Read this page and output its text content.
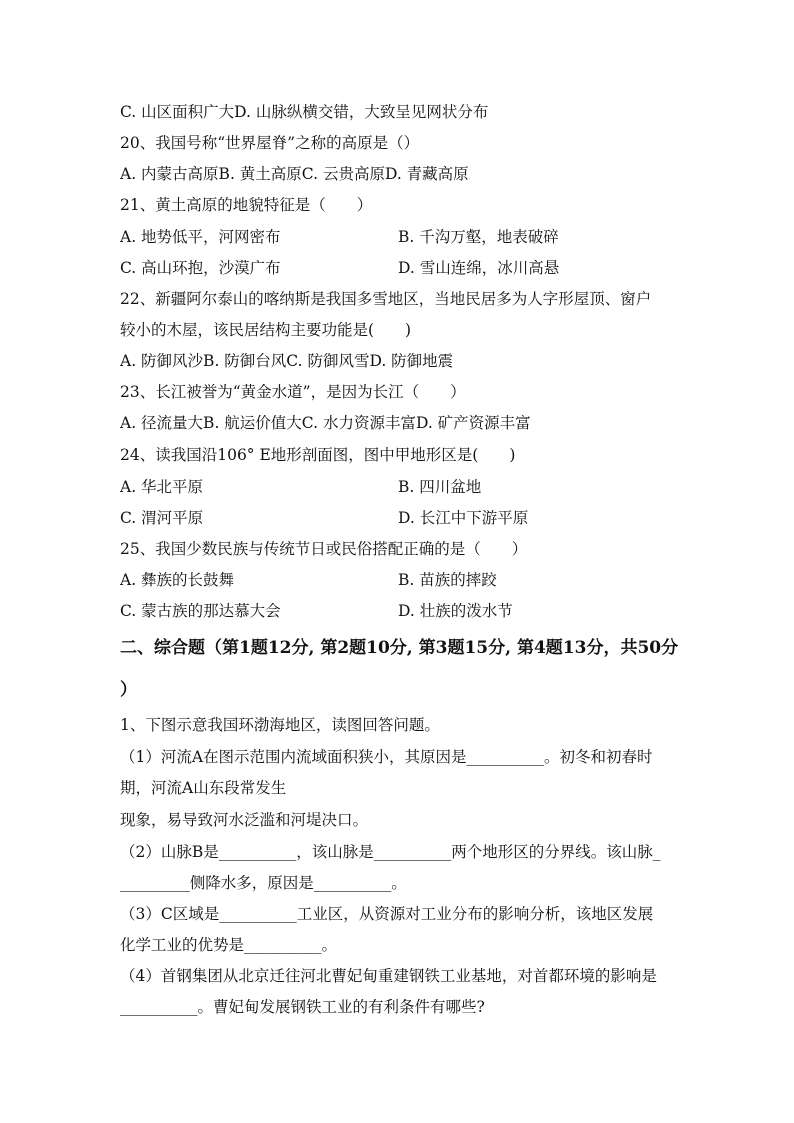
C. 山区面积广大D. 山脉纵横交错，大致呈见网状分布
20、我国号称“世界屋脊”之称的高原是（）
A. 内蒙古高原B. 黄土高原C. 云贵高原D. 青藏高原
21、黄土高原的地貌特征是（　　）
A. 地势低平，河网密布	B. 千沟万壑，地表破碎
C. 高山环抱，沙漠广布	D. 雪山连绵，冰川高悬
22、新疆阿尔泰山的喀纳斯是我国多雪地区，当地民居多为人字形屋顶、窗户
较小的木屋，该民居结构主要功能是(　　)
A. 防御风沙B. 防御台风C. 防御风雪D. 防御地震
23、长江被誉为“黄金水道”，是因为长江（　　）
A. 径流量大B. 航运价值大C. 水力资源丰富D. 矿产资源丰富
24、读我国沿106° E地形剖面图，图中甲地形区是(　　)
A. 华北平原	B. 四川盆地
C. 渭河平原	D. 长江中下游平原
25、我国少数民族与传统节日或民俗搭配正确的是（　　）
A. 彝族的长鼓舞	B. 苗族的摔跤
C. 蒙古族的那达慕大会	D. 壮族的泼水节
二、综合题（第1题12分, 第2题10分, 第3题15分, 第4题13分，共50分
）
1、下图示意我国环渤海地区，读图回答问题。
（1）河流A在图示范围内流域面积狭小，其原因是__________。初冬和初春时
期，河流A山东段常发生
现象，易导致河水泛滥和河堤决口。
（2）山脉B是__________，该山脉是__________两个地形区的分界线。该山脉_
_________侧降水多，原因是__________。
（3）C区域是__________工业区，从资源对工业分布的影响分析，该地区发展
化学工业的优势是__________。
（4）首钢集团从北京迁往河北曹妃甸重建钢铁工业基地，对首都环境的影响是
__________。曹妃甸发展钢铁工业的有利条件有哪些?
